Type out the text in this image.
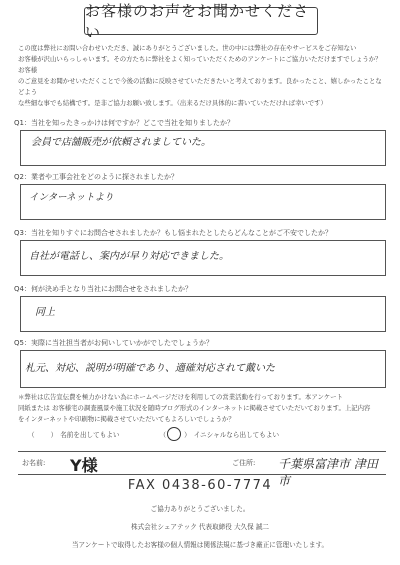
お客様のお声をお聞かせください

この度は弊社にお問い合わせいただき、誠にありがとうございました。世の中には弊社の存在やサービスをご存知ない

お客様が沢山いらっしゃいます。その方たちに弊社をよく知っていただくためのアンケートにご協力いただけますでしょうか？ お客様

のご意見をお聞かせいただくことで今後の活動に反映させていただきたいと考えております。良かったこと、嬉しかったことなどよう

な些細な事でも結構です。是非ご協力お願い致します。（出来るだけ具体的に書いていただければ幸いです）

Q1：当社を知ったきっかけは何ですか？どこで当社を知りましたか？
会員で店舗販売が依頼されましていた。
Q2：業者や工事会社をどのように探されましたか？
インターネットより
Q3：当社を知りすぐにお問合せされましたか？もし悩まれたとしたらどんなことがご不安でしたか？
自社が電話し、案内が早り対応できました。
Q4：何が決め手となり当社にお問合せをされましたか？
同上
Q5：実際に当社担当者がお伺いしていかがでしたでしょうか？
札元、対応、説明が明確であり、適確対応されて戴いた

＊弊社は広告宣伝費を極力かけない為にホームページだけを利用しての営業活動を行っております。本アンケート

同紙または お客様宅の調査風景や施工状況を随時ブログ形式のインターネットに掲載させていただいております。上記内容

をインターネットや印刷物に掲載させていただいてもよろしいでしょうか？

（ ） 名前を出してもよい	（	） イニシャルなら出してもよい
お名前: Y様	ご住所: 千葉県富津市 津田市
FAX 0438-60-7774
ご協力ありがとうございました。
株式会社シェアテック 代表取締役 大久保 誠二
当アンケートで取得したお客様の個人情報は関係法規に基づき厳正に管理いたします。
